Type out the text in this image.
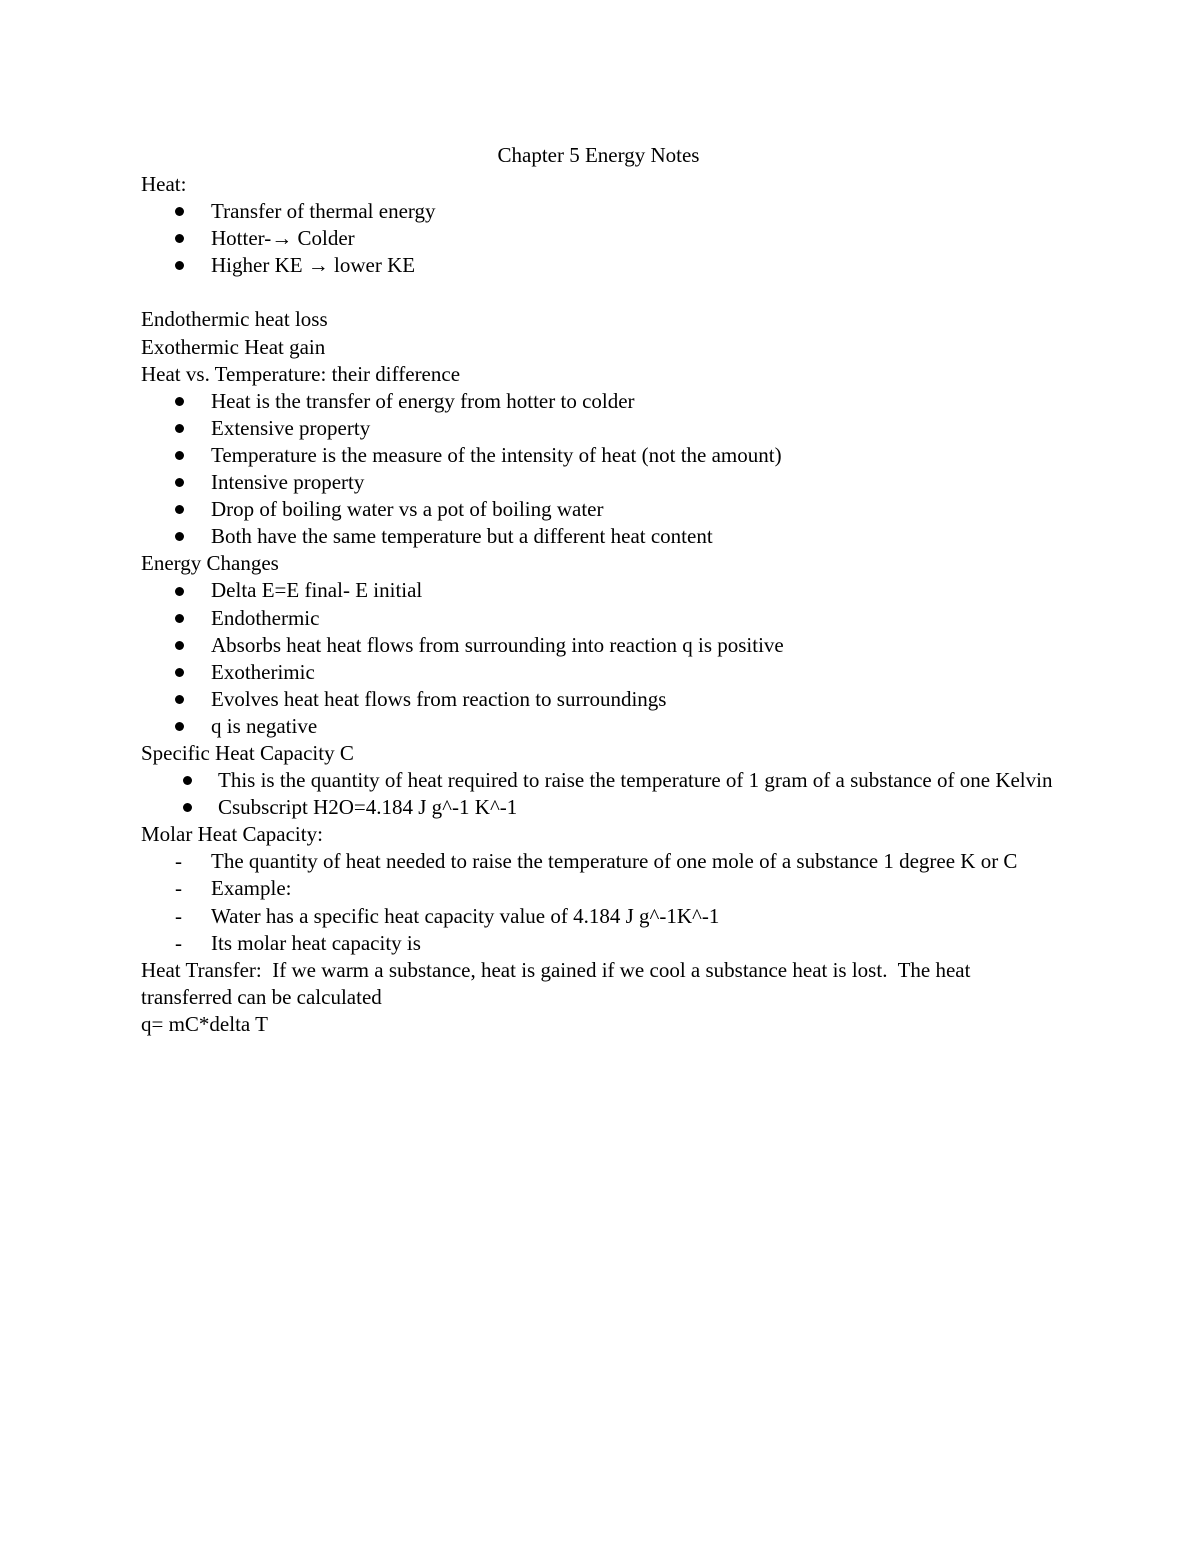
Chapter 5 Energy Notes

Heat:

Transfer of thermal energy
Hotter-→ Colder
Higher KE → lower KE

Endothermic heat loss

Exothermic Heat gain

Heat vs. Temperature: their difference

Heat is the transfer of energy from hotter to colder
Extensive property
Temperature is the measure of the intensity of heat (not the amount)
Intensive property
Drop of boiling water vs a pot of boiling water
Both have the same temperature but a different heat content

Energy Changes

Delta E=E final- E initial
Endothermic
Absorbs heat heat flows from surrounding into reaction q is positive
Exotherimic
Evolves heat heat flows from reaction to surroundings
q is negative

Specific Heat Capacity C

This is the quantity of heat required to raise the temperature of 1 gram of a substance of one Kelvin
Csubscript H2O=4.184 J g^-1 K^-1

Molar Heat Capacity:

-	The quantity of heat needed to raise the temperature of one mole of a substance 1 degree K or C
-	Example:
-	Water has a specific heat capacity value of 4.184 J g^-1K^-1
-	Its molar heat capacity is

Heat Transfer:  If we warm a substance, heat is gained if we cool a substance heat is lost.  The heat transferred can be calculated

q= mC*delta T
